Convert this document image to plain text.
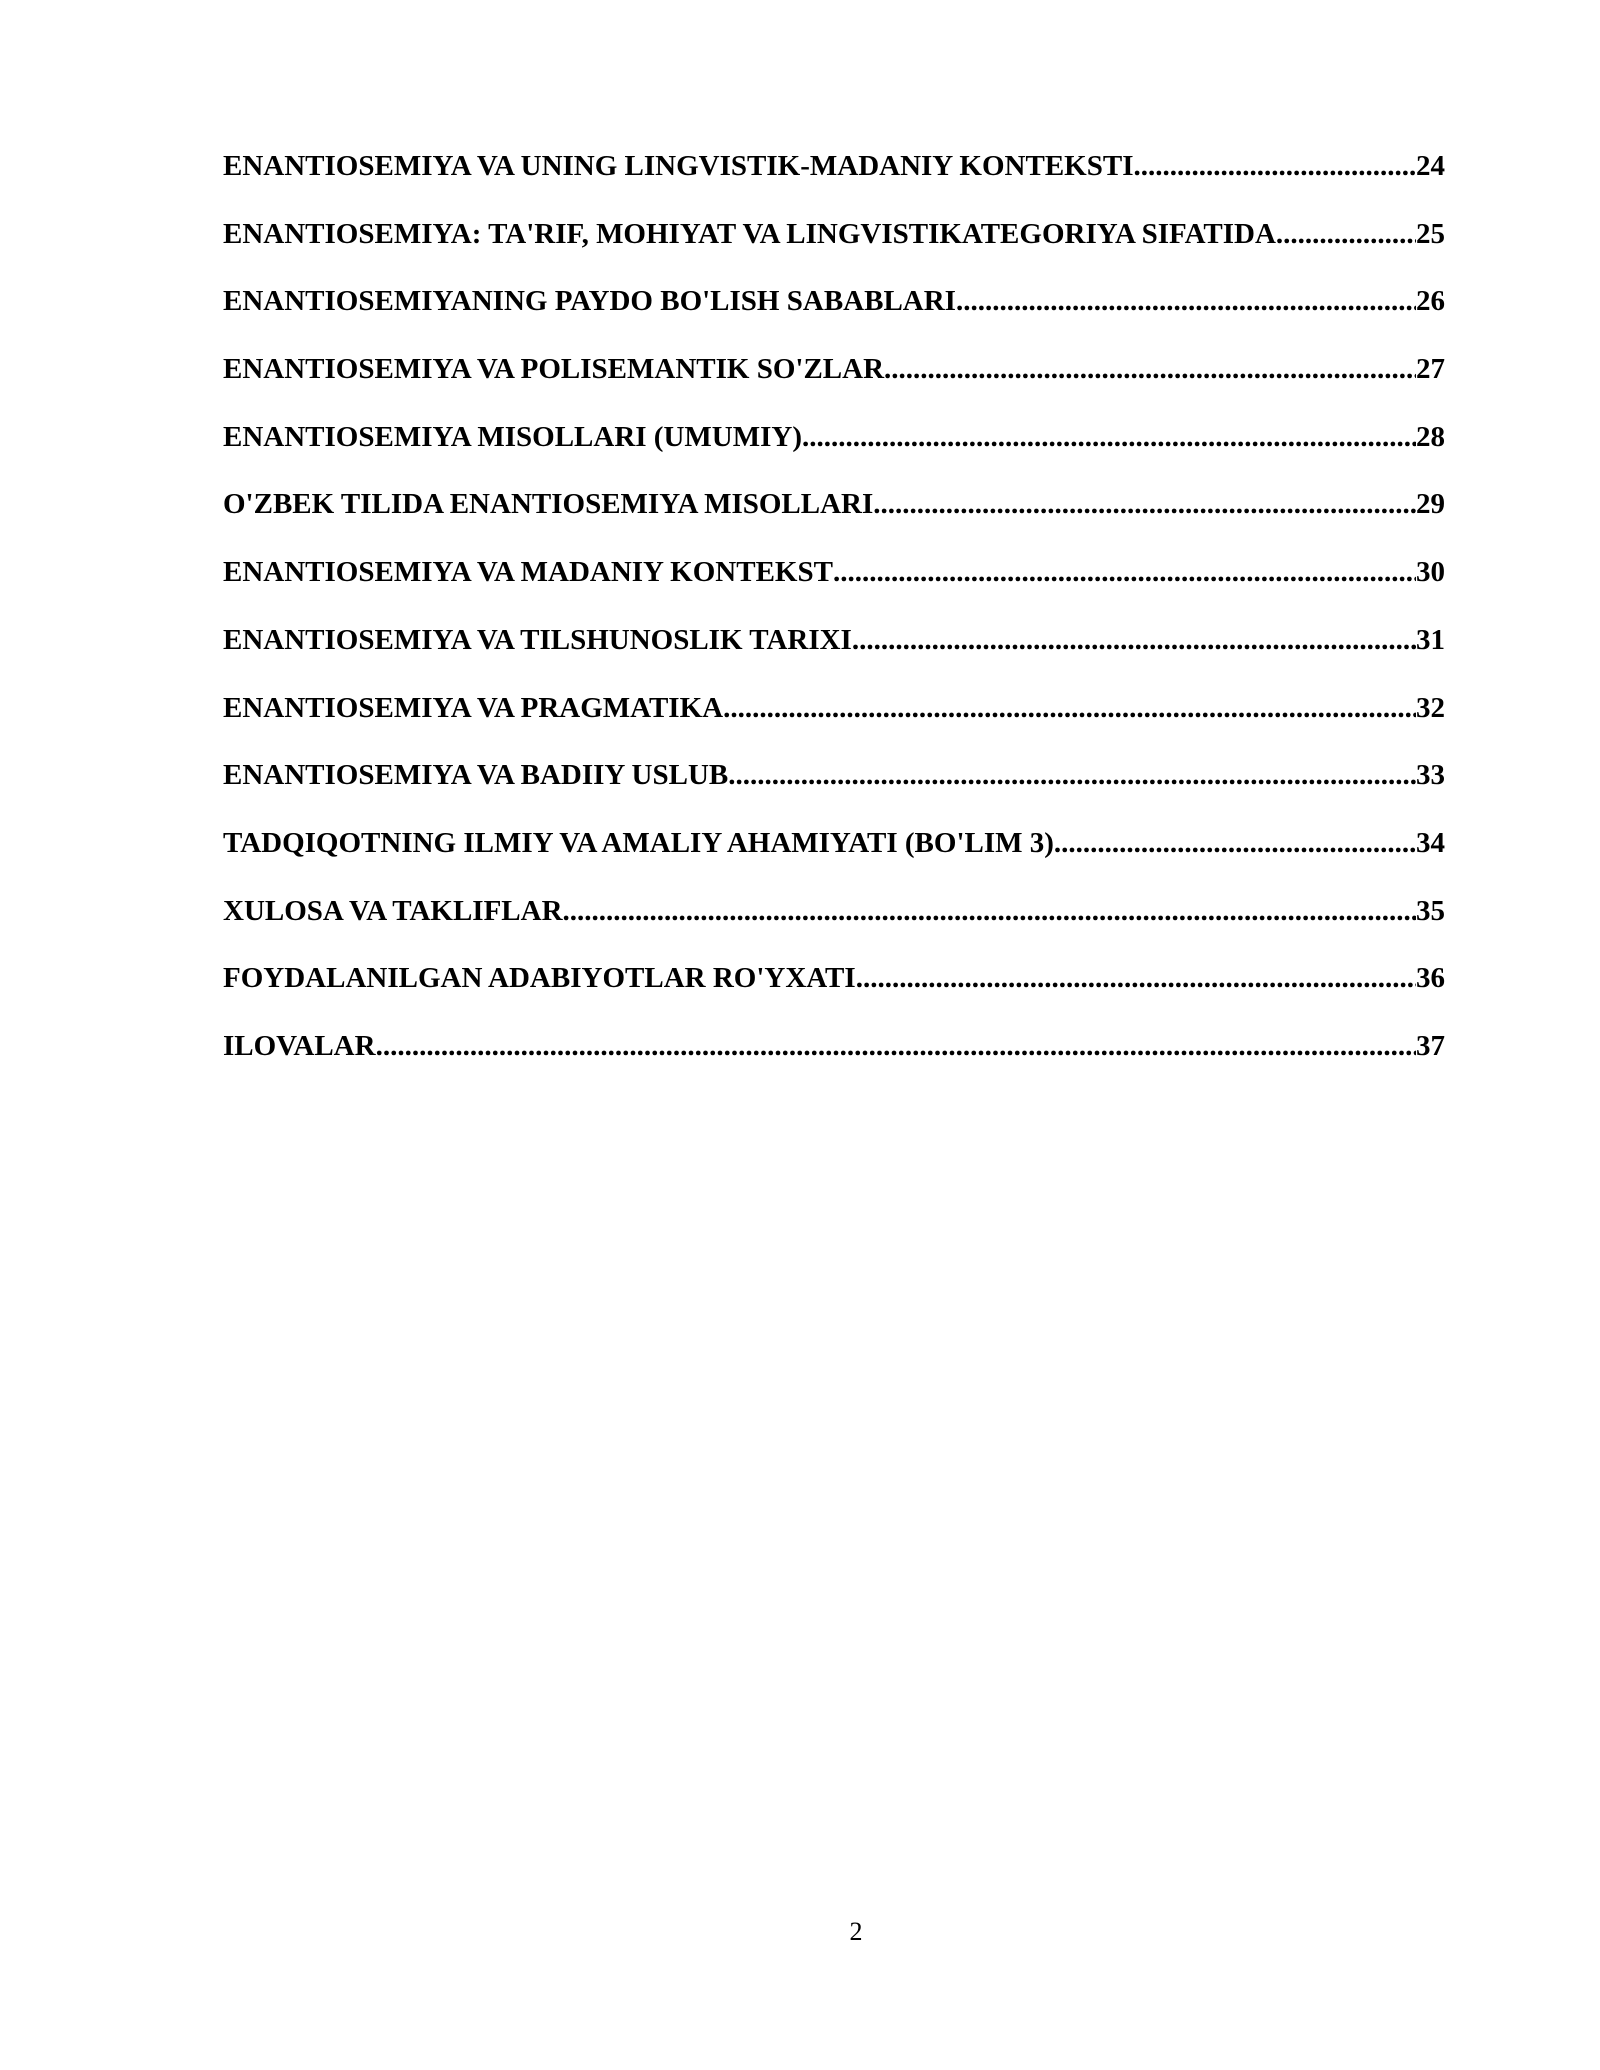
ENANTIOSEMIYA VA UNING LINGVISTIK-MADANIY KONTEKSTI .....	24
ENANTIOSEMIYA: TA'RIF, MOHIYAT VA LINGVISTIKATEGORIYA SIFATIDA. .....	25
ENANTIOSEMIYANING PAYDO BO'LISH SABABLARI .....	26
ENANTIOSEMIYA VA POLISEMANTIK SO'ZLAR .....	27
ENANTIOSEMIYA MISOLLARI (UMUMIY) .....	28
O'ZBEK TILIDA ENANTIOSEMIYA MISOLLARI .....	29
ENANTIOSEMIYA VA MADANIY KONTEKST .....	30
ENANTIOSEMIYA VA TILSHUNOSLIK TARIXI .....	31
ENANTIOSEMIYA VA PRAGMATIKA .....	32
ENANTIOSEMIYA VA BADIIY USLUB .....	33
TADQIQOTNING ILMIY VA AMALIY AHAMIYATI (BO'LIM 3) .....	34
XULOSA VA TAKLIFLAR .....	35
FOYDALANILGAN ADABIYOTLAR RO'YXATI .....	36
ILOVALAR .....	37
2
